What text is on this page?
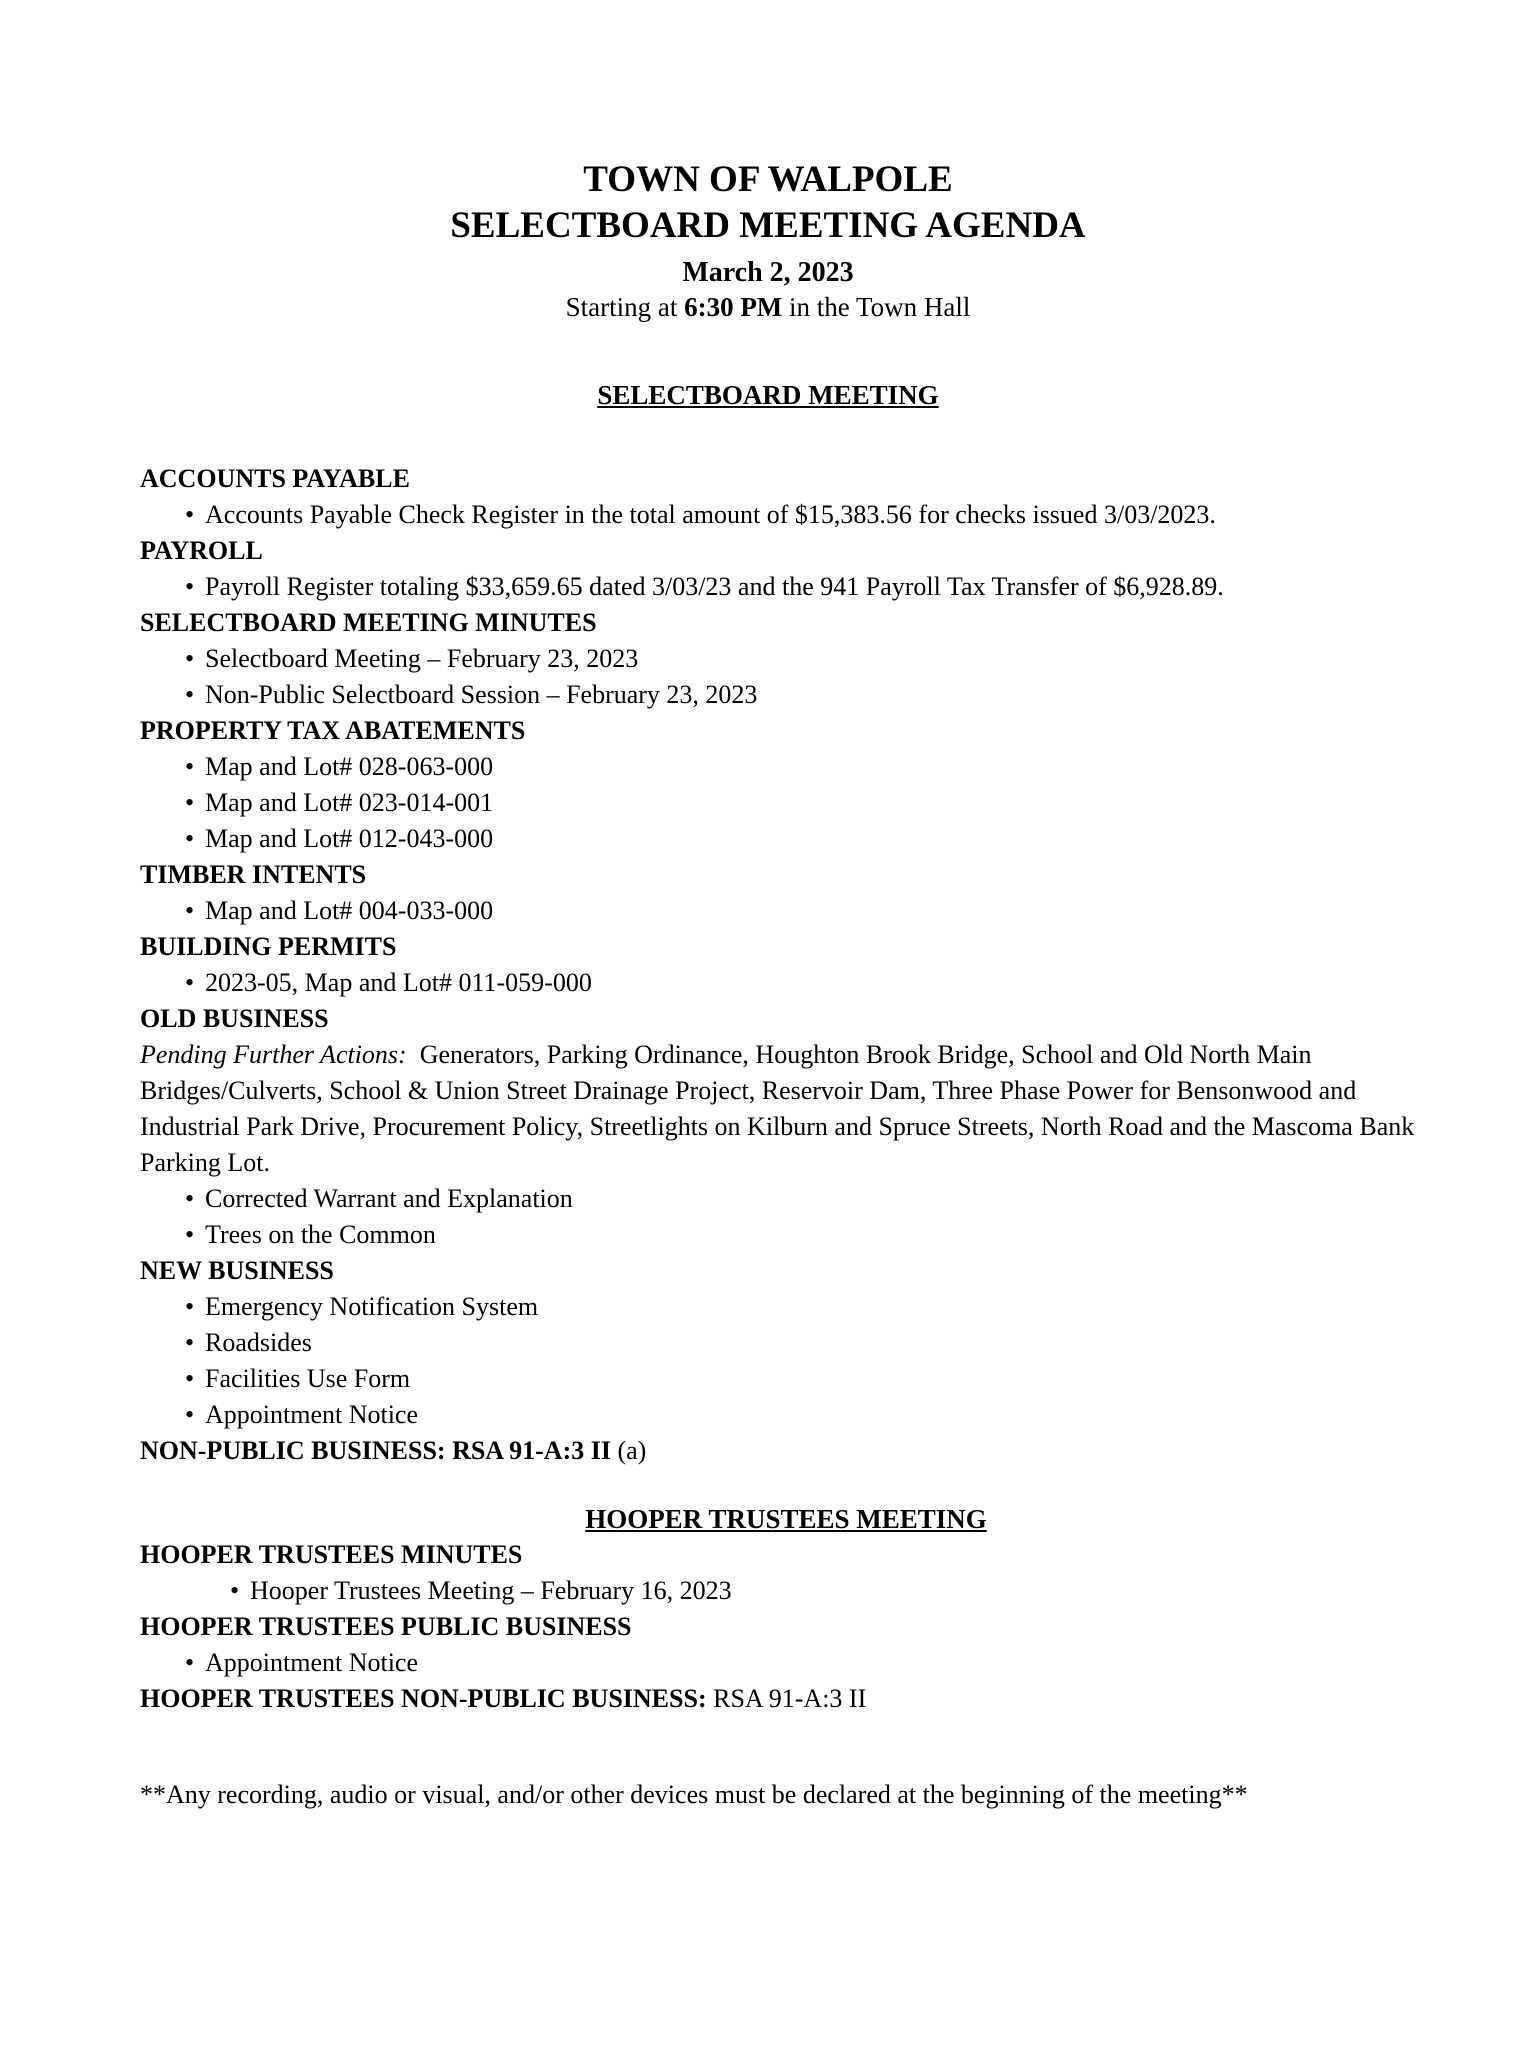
TOWN OF WALPOLE
SELECTBOARD MEETING AGENDA
March 2, 2023
Starting at 6:30 PM in the Town Hall
SELECTBOARD MEETING
ACCOUNTS PAYABLE
• Accounts Payable Check Register in the total amount of $15,383.56 for checks issued 3/03/2023.
PAYROLL
• Payroll Register totaling $33,659.65 dated 3/03/23 and the 941 Payroll Tax Transfer of $6,928.89.
SELECTBOARD MEETING MINUTES
• Selectboard Meeting – February 23, 2023
• Non-Public Selectboard Session – February 23, 2023
PROPERTY TAX ABATEMENTS
• Map and Lot# 028-063-000
• Map and Lot# 023-014-001
• Map and Lot# 012-043-000
TIMBER INTENTS
• Map and Lot# 004-033-000
BUILDING PERMITS
• 2023-05, Map and Lot# 011-059-000
OLD BUSINESS
Pending Further Actions:  Generators, Parking Ordinance, Houghton Brook Bridge, School and Old North Main Bridges/Culverts, School & Union Street Drainage Project, Reservoir Dam, Three Phase Power for Bensonwood and Industrial Park Drive, Procurement Policy, Streetlights on Kilburn and Spruce Streets, North Road and the Mascoma Bank Parking Lot.
• Corrected Warrant and Explanation
• Trees on the Common
NEW BUSINESS
• Emergency Notification System
• Roadsides
• Facilities Use Form
• Appointment Notice
NON-PUBLIC BUSINESS: RSA 91-A:3 II (a)
HOOPER TRUSTEES MEETING
HOOPER TRUSTEES MINUTES
• Hooper Trustees Meeting – February 16, 2023
HOOPER TRUSTEES PUBLIC BUSINESS
• Appointment Notice
HOOPER TRUSTEES NON-PUBLIC BUSINESS: RSA 91-A:3 II
**Any recording, audio or visual, and/or other devices must be declared at the beginning of the meeting**
